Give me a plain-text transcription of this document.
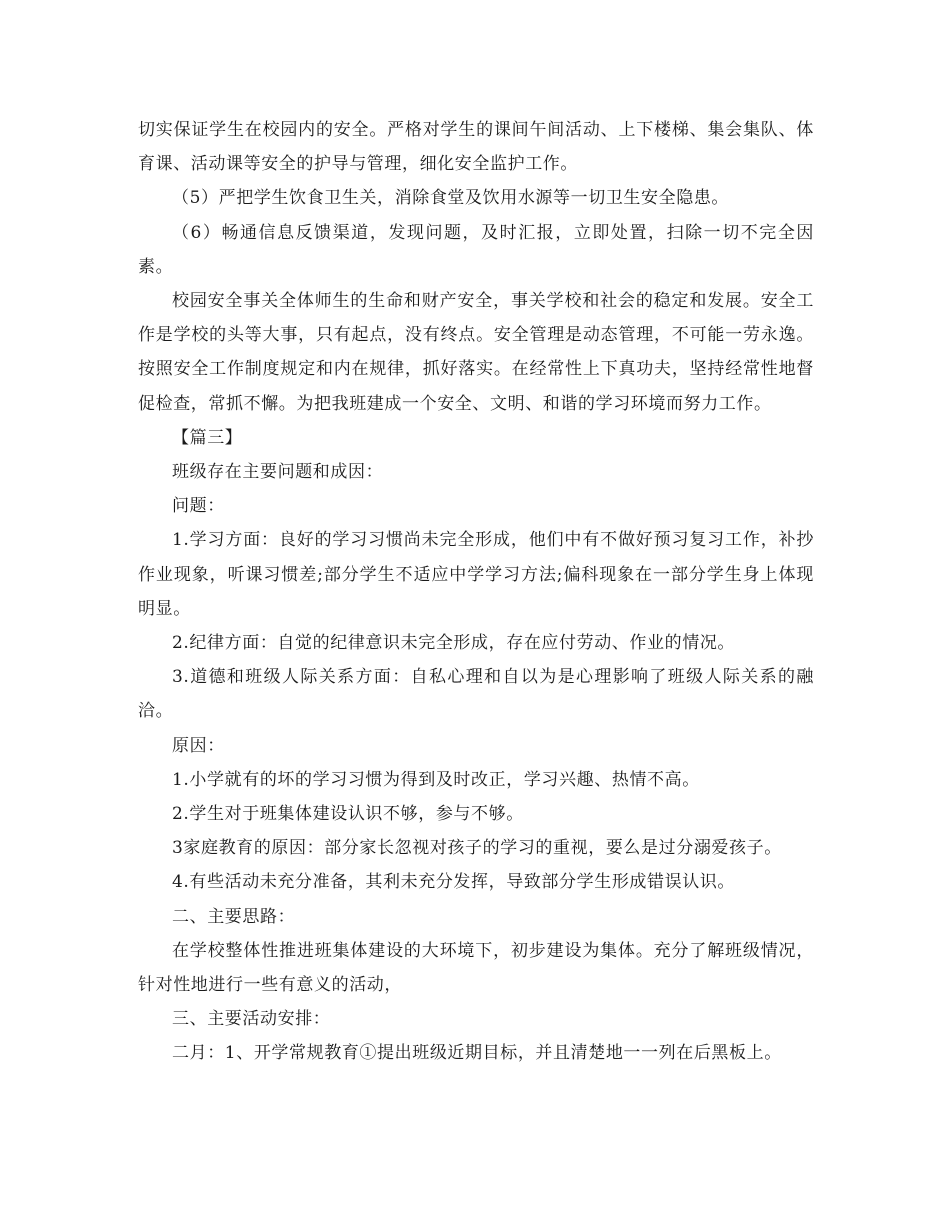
切实保证学生在校园内的安全。严格对学生的课间午间活动、上下楼梯、集会集队、体育课、活动课等安全的护导与管理，细化安全监护工作。

（5）严把学生饮食卫生关，消除食堂及饮用水源等一切卫生安全隐患。

（6）畅通信息反馈渠道，发现问题，及时汇报，立即处置，扫除一切不完全因素。

校园安全事关全体师生的生命和财产安全，事关学校和社会的稳定和发展。安全工作是学校的头等大事，只有起点，没有终点。安全管理是动态管理，不可能一劳永逸。按照安全工作制度规定和内在规律，抓好落实。在经常性上下真功夫，坚持经常性地督促检查，常抓不懈。为把我班建成一个安全、文明、和谐的学习环境而努力工作。

【篇三】

班级存在主要问题和成因：

问题：

1.学习方面：良好的学习习惯尚未完全形成，他们中有不做好预习复习工作，补抄作业现象，听课习惯差;部分学生不适应中学学习方法;偏科现象在一部分学生身上体现明显。

2.纪律方面：自觉的纪律意识未完全形成，存在应付劳动、作业的情况。

3.道德和班级人际关系方面：自私心理和自以为是心理影响了班级人际关系的融洽。

原因：

1.小学就有的坏的学习习惯为得到及时改正，学习兴趣、热情不高。

2.学生对于班集体建设认识不够，参与不够。

3家庭教育的原因：部分家长忽视对孩子的学习的重视，要么是过分溺爱孩子。

4.有些活动未充分准备，其利未充分发挥，导致部分学生形成错误认识。

二、主要思路：

在学校整体性推进班集体建设的大环境下，初步建设为集体。充分了解班级情况，针对性地进行一些有意义的活动，

三、主要活动安排：

二月：1、开学常规教育①提出班级近期目标，并且清楚地一一列在后黑板上。
